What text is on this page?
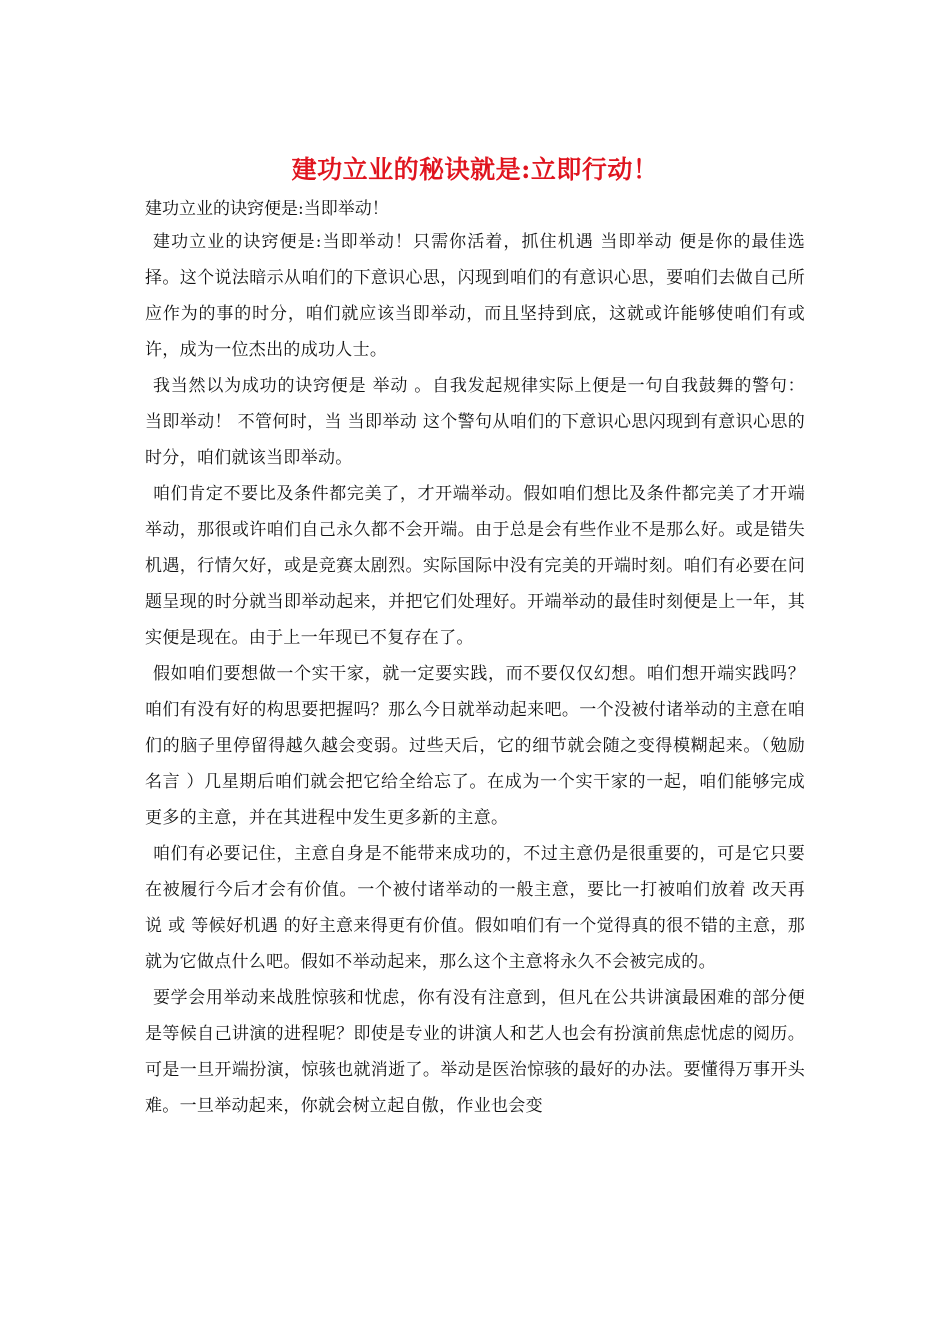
建功立业的秘诀就是:立即行动！

建功立业的诀窍便是:当即举动！

建功立业的诀窍便是:当即举动！只需你活着，抓住机遇 当即举动 便是你的最佳选择。这个说法暗示从咱们的下意识心思，闪现到咱们的有意识心思，要咱们去做自己所应作为的事的时分，咱们就应该当即举动，而且坚持到底，这就或许能够使咱们有或许，成为一位杰出的成功人士。

我当然以为成功的诀窍便是 举动 。自我发起规律实际上便是一句自我鼓舞的警句： 当即举动！ 不管何时，当 当即举动 这个警句从咱们的下意识心思闪现到有意识心思的时分，咱们就该当即举动。

咱们肯定不要比及条件都完美了，才开端举动。假如咱们想比及条件都完美了才开端举动，那很或许咱们自己永久都不会开端。由于总是会有些作业不是那么好。或是错失机遇，行情欠好，或是竞赛太剧烈。实际国际中没有完美的开端时刻。咱们有必要在问题呈现的时分就当即举动起来，并把它们处理好。开端举动的最佳时刻便是上一年，其实便是现在。由于上一年现已不复存在了。

假如咱们要想做一个实干家，就一定要实践，而不要仅仅幻想。咱们想开端实践吗？咱们有没有好的构思要把握吗？那么今日就举动起来吧。一个没被付诸举动的主意在咱们的脑子里停留得越久越会变弱。过些天后，它的细节就会随之变得模糊起来。（勉励名言 ）几星期后咱们就会把它给全给忘了。在成为一个实干家的一起，咱们能够完成更多的主意，并在其进程中发生更多新的主意。

咱们有必要记住，主意自身是不能带来成功的，不过主意仍是很重要的，可是它只要在被履行今后才会有价值。一个被付诸举动的一般主意，要比一打被咱们放着 改天再说 或 等候好机遇 的好主意来得更有价值。假如咱们有一个觉得真的很不错的主意，那就为它做点什么吧。假如不举动起来，那么这个主意将永久不会被完成的。

要学会用举动来战胜惊骇和忧虑，你有没有注意到，但凡在公共讲演最困难的部分便是等候自己讲演的进程呢？即使是专业的讲演人和艺人也会有扮演前焦虑忧虑的阅历。可是一旦开端扮演，惊骇也就消逝了。举动是医治惊骇的最好的办法。要懂得万事开头难。一旦举动起来，你就会树立起自傲，作业也会变
